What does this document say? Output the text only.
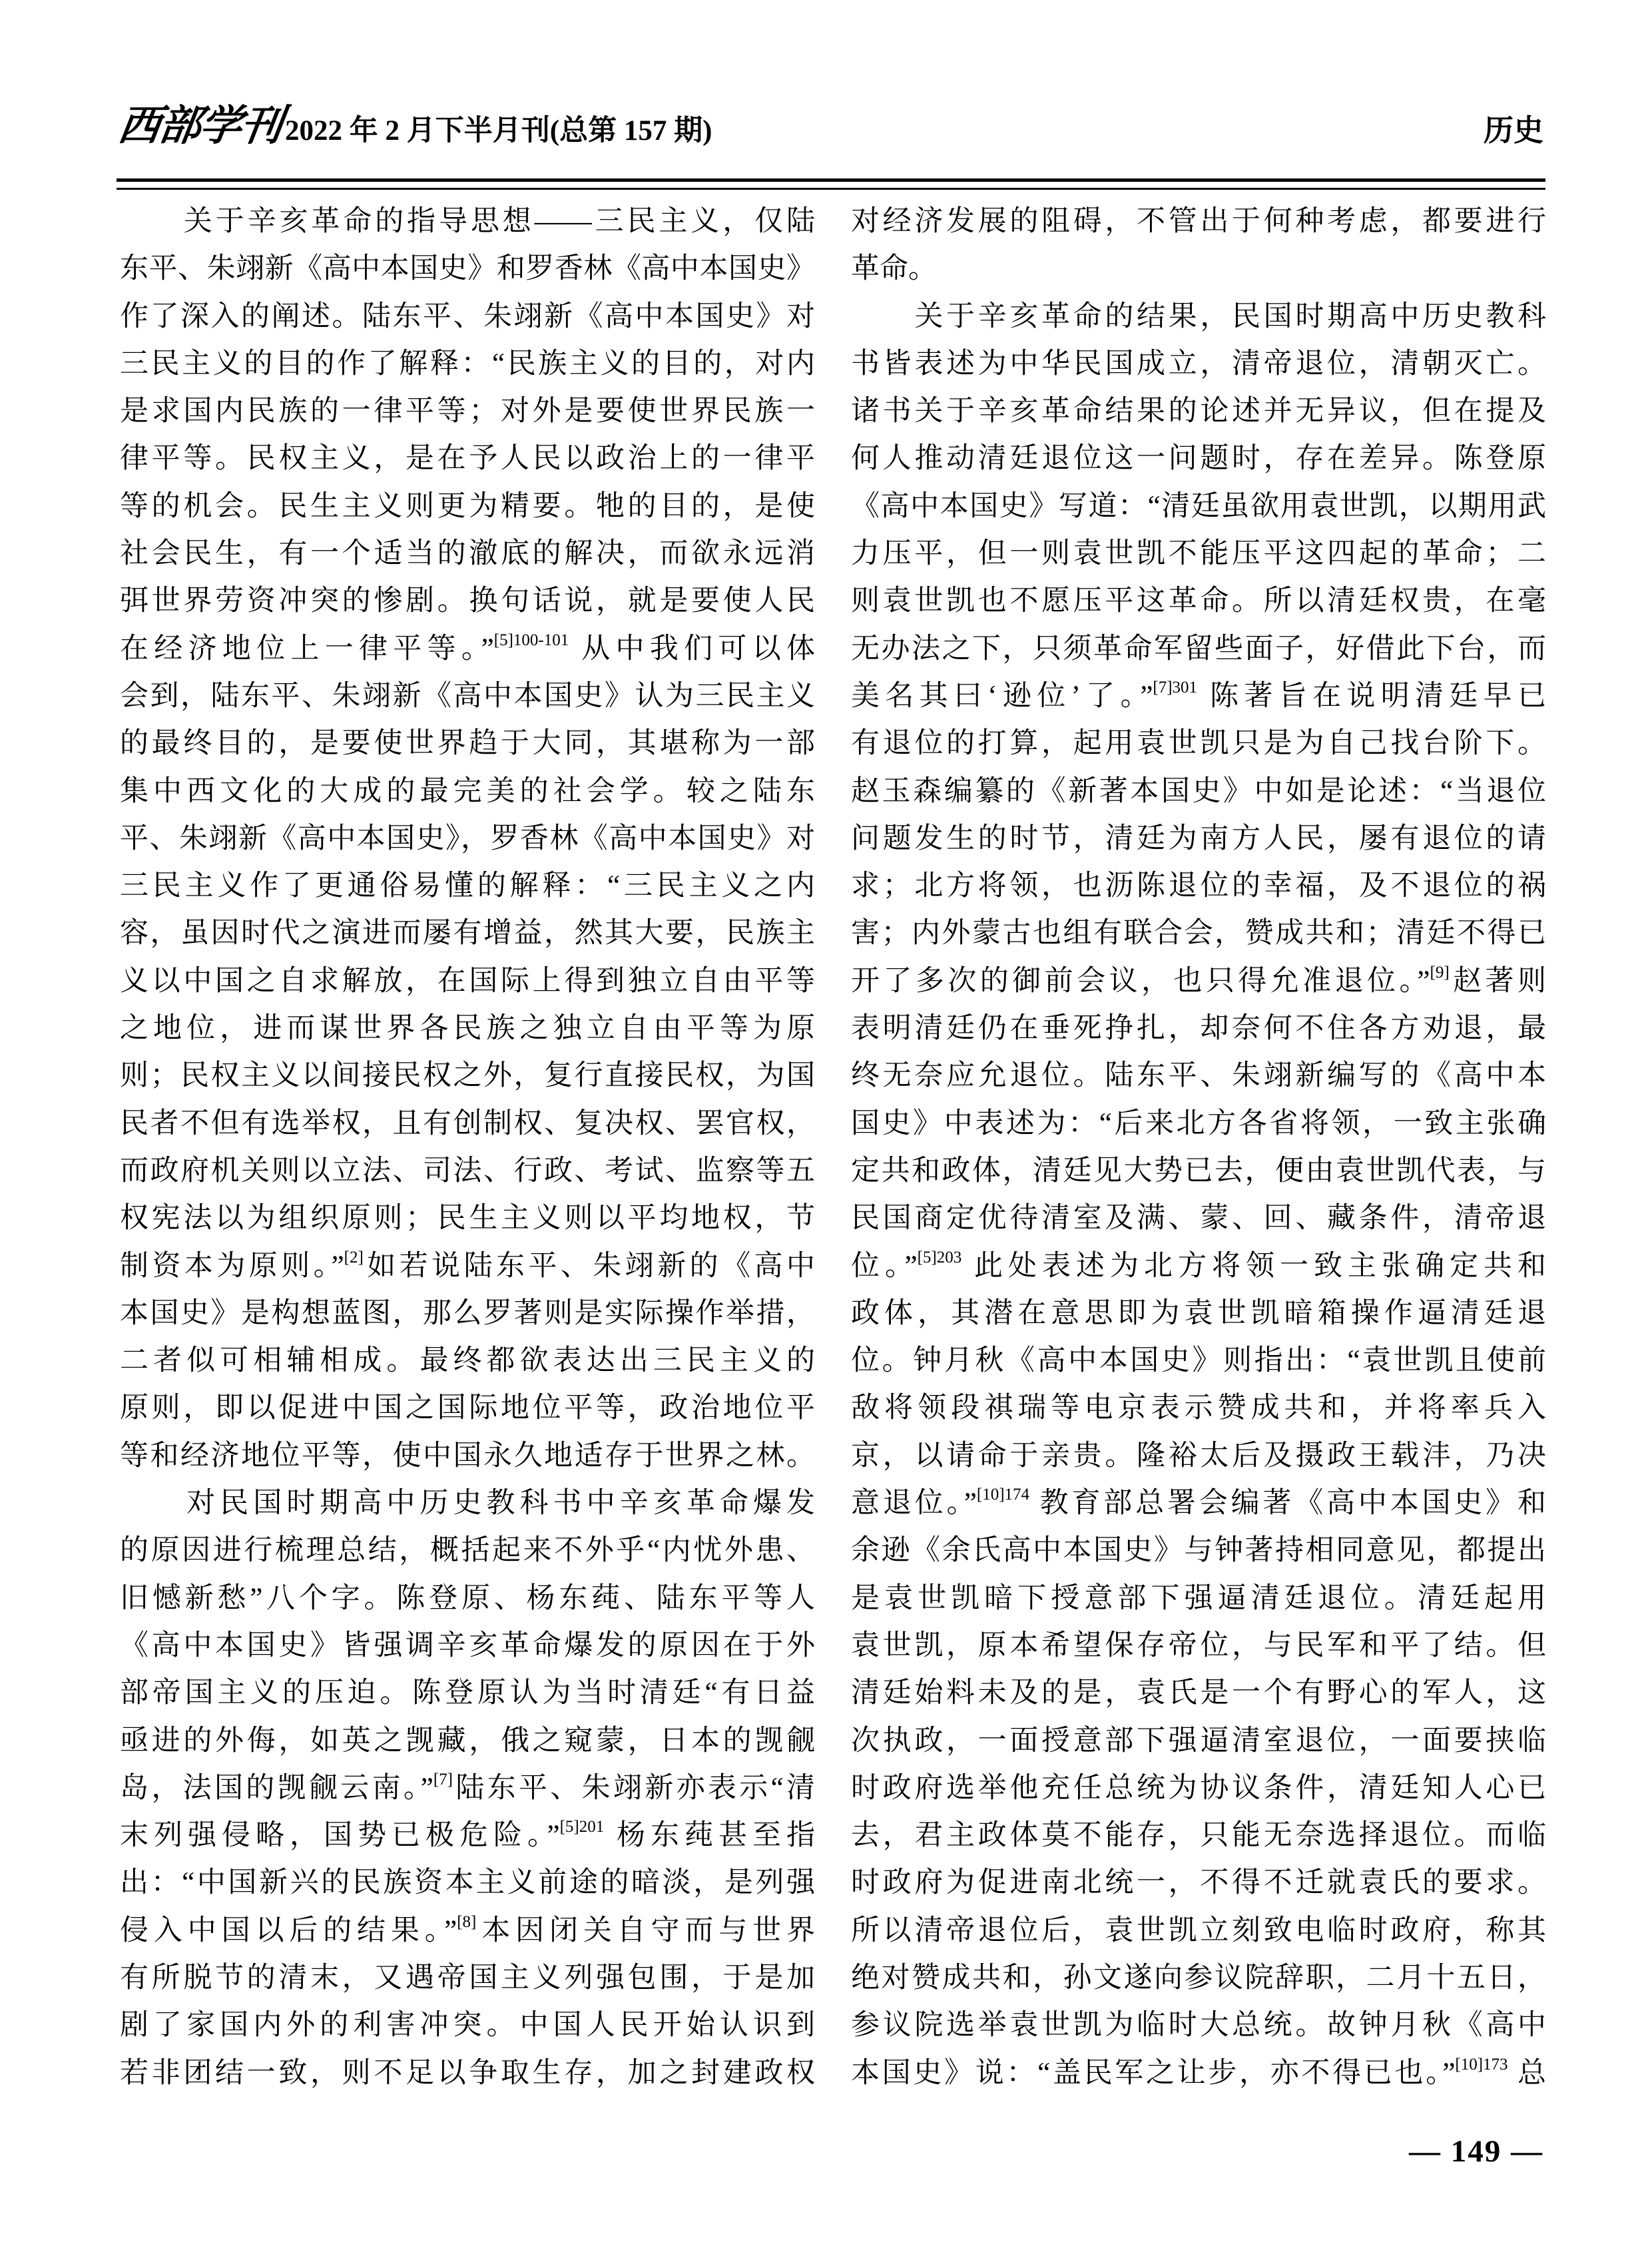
西部学刊 2022 年 2 月下半月刊(总第 157 期)	历史
　　关于辛亥革命的指导思想——三民主义，仅陆
东平、朱翊新《高中本国史》和罗香林《高中本国史》
作了深入的阐述。陆东平、朱翊新《高中本国史》对
三民主义的目的作了解释：“民族主义的目的，对内
是求国内民族的一律平等；对外是要使世界民族一
律平等。民权主义，是在予人民以政治上的一律平
等的机会。民生主义则更为精要。牠的目的，是使
社会民生，有一个适当的澈底的解决，而欲永远消
弭世界劳资冲突的惨剧。换句话说，就是要使人民
在经济地位上一律平等。”$^{[5]100-101}$ 从中我们可以体
会到，陆东平、朱翊新《高中本国史》认为三民主义
的最终目的，是要使世界趋于大同，其堪称为一部
集中西文化的大成的最完美的社会学。较之陆东
平、朱翊新《高中本国史》，罗香林《高中本国史》对
三民主义作了更通俗易懂的解释：“三民主义之内
容，虽因时代之演进而屡有增益，然其大要，民族主
义以中国之自求解放，在国际上得到独立自由平等
之地位，进而谋世界各民族之独立自由平等为原
则；民权主义以间接民权之外，复行直接民权，为国
民者不但有选举权，且有创制权、复决权、罢官权，
而政府机关则以立法、司法、行政、考试、监察等五
权宪法以为组织原则；民生主义则以平均地权，节
制资本为原则。”[2]如若说陆东平、朱翊新的《高中
本国史》是构想蓝图，那么罗著则是实际操作举措，
二者似可相辅相成。最终都欲表达出三民主义的
原则，即以促进中国之国际地位平等，政治地位平
等和经济地位平等，使中国永久地适存于世界之林。
　　对民国时期高中历史教科书中辛亥革命爆发
的原因进行梳理总结，概括起来不外乎“内忧外患、
旧憾新愁”八个字。陈登原、杨东莼、陆东平等人
《高中本国史》皆强调辛亥革命爆发的原因在于外
部帝国主义的压迫。陈登原认为当时清廷“有日益
亟进的外侮，如英之觊藏，俄之窥蒙，日本的觊觎
岛，法国的觊觎云南。”[7]陆东平、朱翊新亦表示“清
末列强侵略，国势已极危险。”$^{[5]201}$ 杨东莼甚至指
出：“中国新兴的民族资本主义前途的暗淡，是列强
侵入中国以后的结果。”[8]本因闭关自守而与世界
有所脱节的清末，又遇帝国主义列强包围，于是加
剧了家国内外的利害冲突。中国人民开始认识到
若非团结一致，则不足以争取生存，加之封建政权
对经济发展的阻碍，不管出于何种考虑，都要进行
革命。
　　关于辛亥革命的结果，民国时期高中历史教科
书皆表述为中华民国成立，清帝退位，清朝灭亡。
诸书关于辛亥革命结果的论述并无异议，但在提及
何人推动清廷退位这一问题时，存在差异。陈登原
《高中本国史》写道：“清廷虽欲用袁世凯，以期用武
力压平，但一则袁世凯不能压平这四起的革命；二
则袁世凯也不愿压平这革命。所以清廷权贵，在毫
无办法之下，只须革命军留些面子，好借此下台，而
美名其曰‘逊位’了。”$^{[7]301}$ 陈著旨在说明清廷早已
有退位的打算，起用袁世凯只是为自己找台阶下。
赵玉森编纂的《新著本国史》中如是论述：“当退位
问题发生的时节，清廷为南方人民，屡有退位的请
求；北方将领，也沥陈退位的幸福，及不退位的祸
害；内外蒙古也组有联合会，赞成共和；清廷不得已
开了多次的御前会议，也只得允准退位。”[9]赵著则
表明清廷仍在垂死挣扎，却奈何不住各方劝退，最
终无奈应允退位。陆东平、朱翊新编写的《高中本
国史》中表述为：“后来北方各省将领，一致主张确
定共和政体，清廷见大势已去，便由袁世凯代表，与
民国商定优待清室及满、蒙、回、藏条件，清帝退
位。”$^{[5]203}$ 此处表述为北方将领一致主张确定共和
政体，其潜在意思即为袁世凯暗箱操作逼清廷退
位。钟月秋《高中本国史》则指出：“袁世凯且使前
敌将领段祺瑞等电京表示赞成共和，并将率兵入
京，以请命于亲贵。隆裕太后及摄政王载沣，乃决
意退位。”$^{[10]174}$ 教育部总署会编著《高中本国史》和
余逊《余氏高中本国史》与钟著持相同意见，都提出
是袁世凯暗下授意部下强逼清廷退位。清廷起用
袁世凯，原本希望保存帝位，与民军和平了结。但
清廷始料未及的是，袁氏是一个有野心的军人，这
次执政，一面授意部下强逼清室退位，一面要挟临
时政府选举他充任总统为协议条件，清廷知人心已
去，君主政体莫不能存，只能无奈选择退位。而临
时政府为促进南北统一，不得不迁就袁氏的要求。
所以清帝退位后，袁世凯立刻致电临时政府，称其
绝对赞成共和，孙文遂向参议院辞职，二月十五日，
参议院选举袁世凯为临时大总统。故钟月秋《高中
本国史》说：“盖民军之让步，亦不得已也。”$^{[10]173}$ 总
— 149 —
